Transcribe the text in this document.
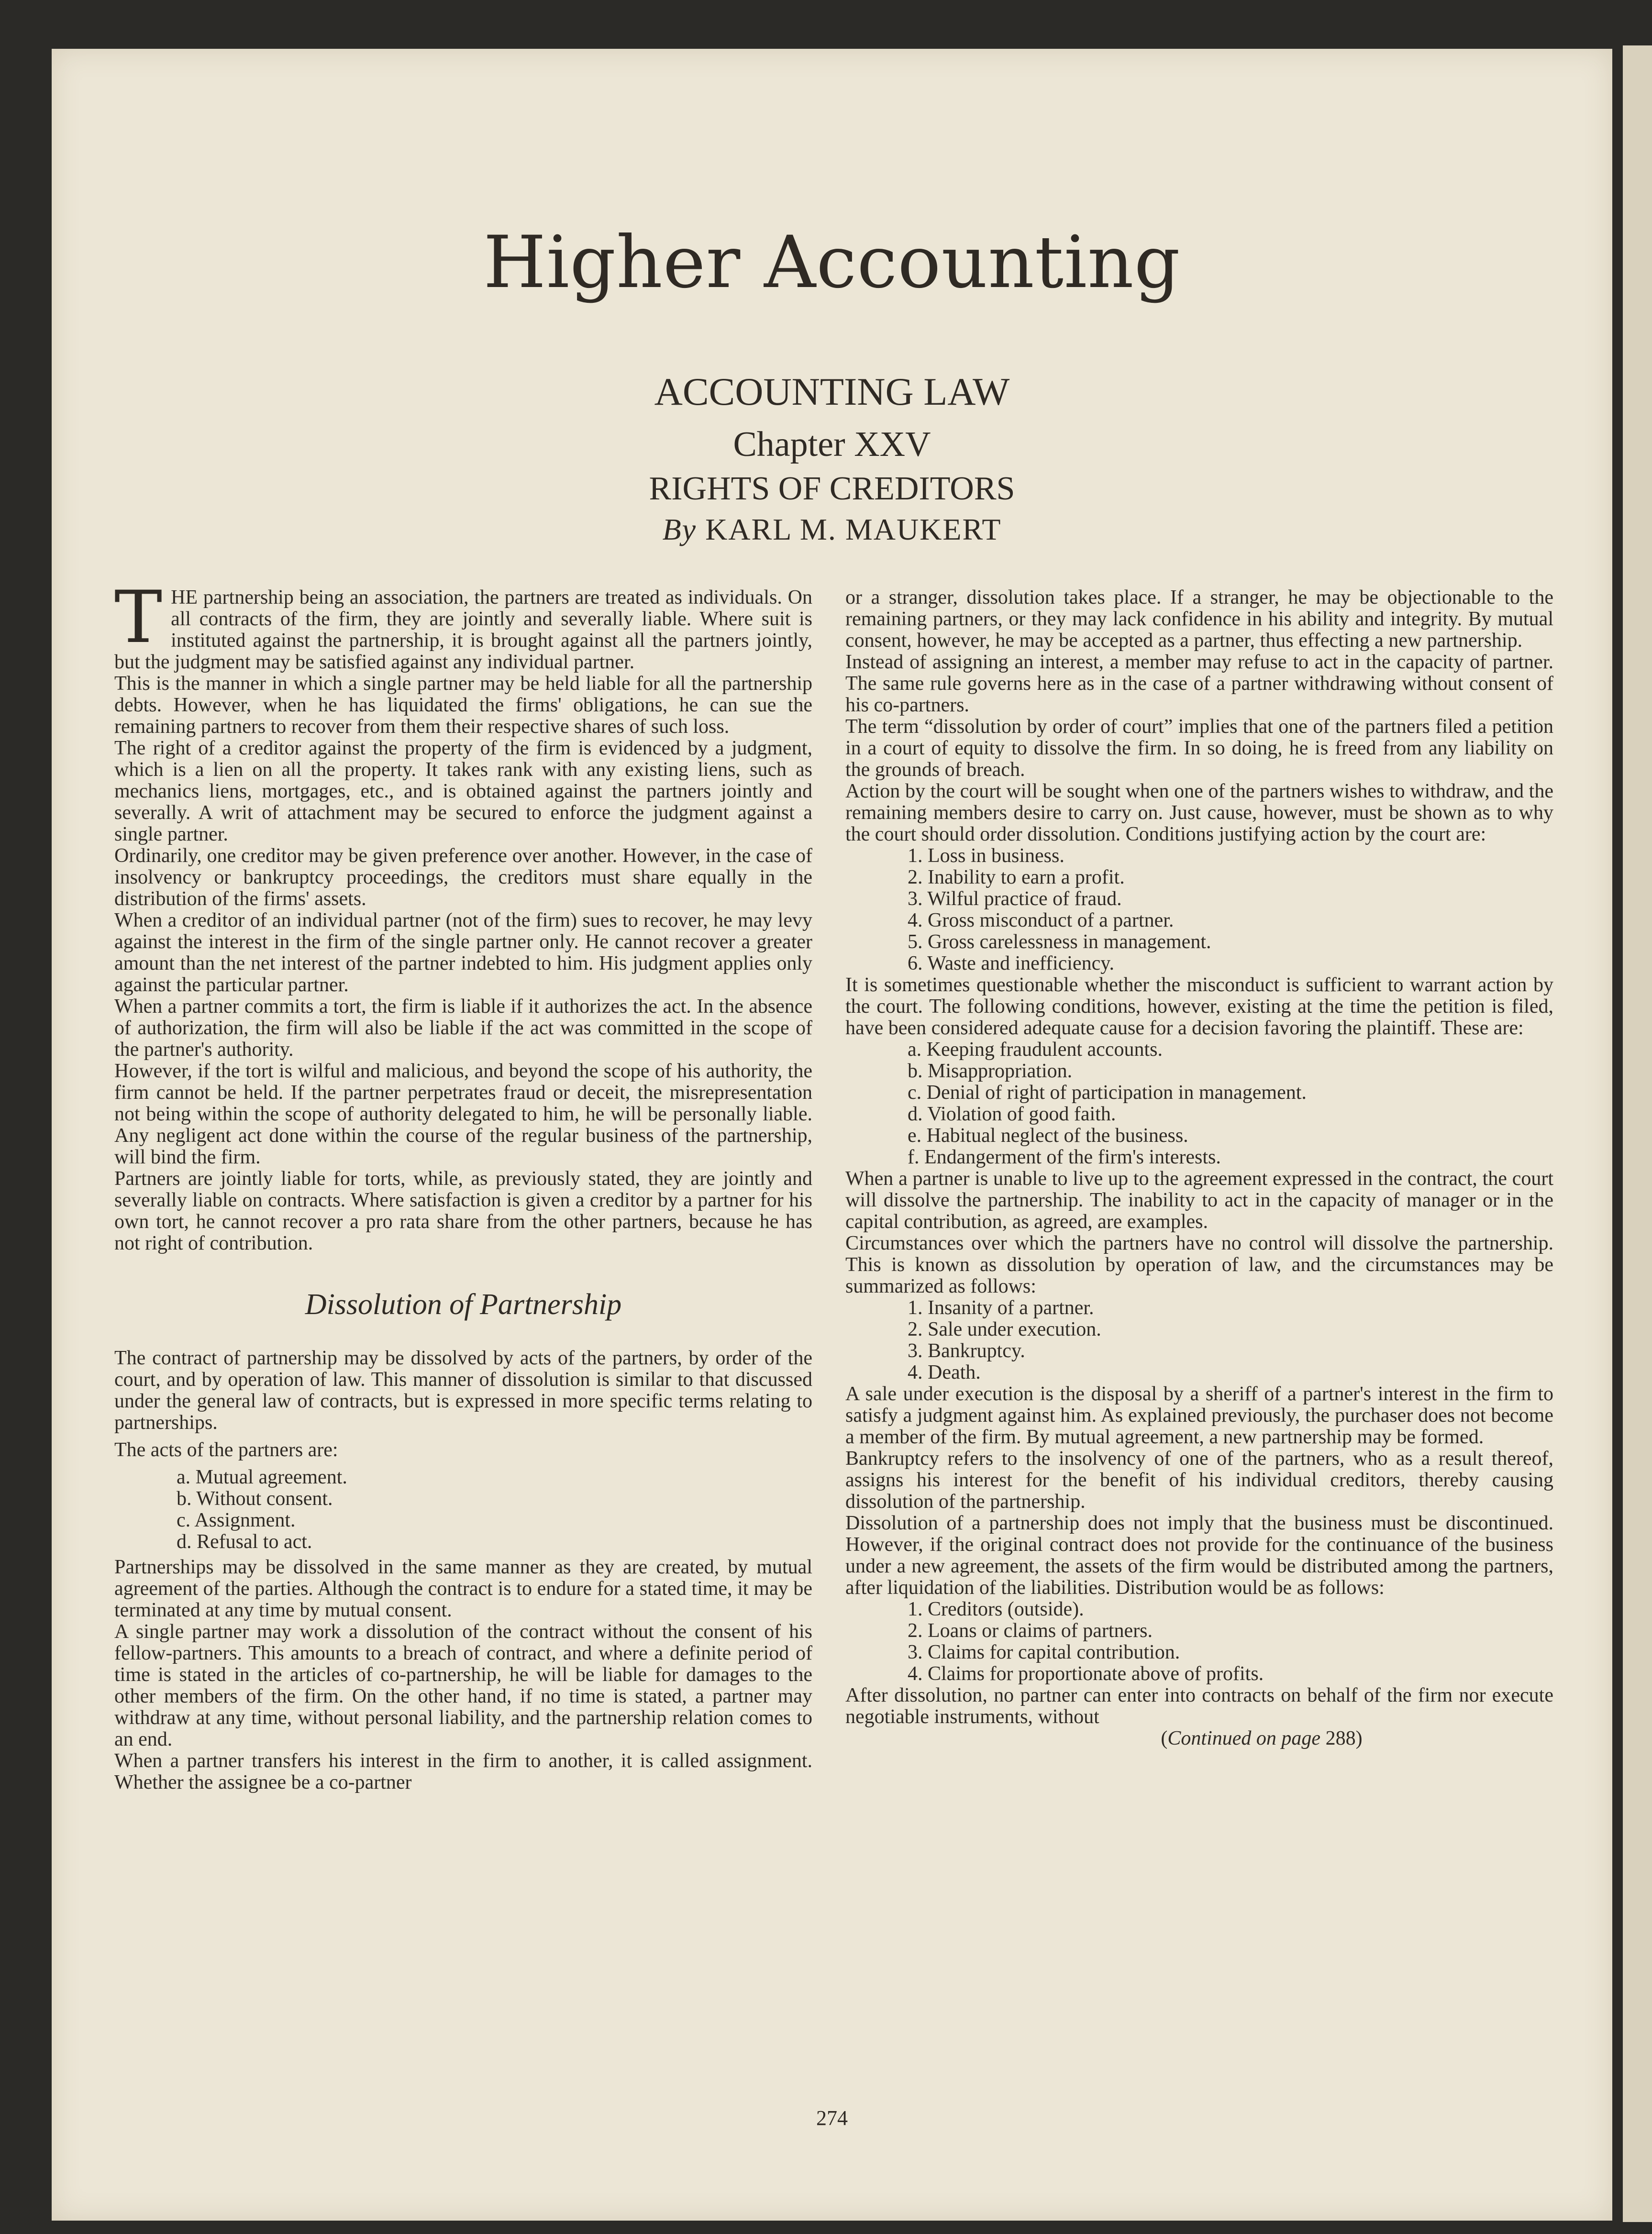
Higher Accounting
ACCOUNTING LAW
Chapter XXV
RIGHTS OF CREDITORS
By KARL M. MAUKERT

THE partnership being an association, the partners are treated as individuals. On all contracts of the firm, they are jointly and severally liable. Where suit is instituted against the partnership, it is brought against all the partners jointly, but the judgment may be satisfied against any individual partner.

This is the manner in which a single partner may be held liable for all the partnership debts. However, when he has liquidated the firms' obligations, he can sue the remaining partners to recover from them their respective shares of such loss.

The right of a creditor against the property of the firm is evidenced by a judgment, which is a lien on all the property. It takes rank with any existing liens, such as mechanics liens, mortgages, etc., and is obtained against the partners jointly and severally. A writ of attachment may be secured to enforce the judgment against a single partner.

Ordinarily, one creditor may be given preference over another. However, in the case of insolvency or bankruptcy proceedings, the creditors must share equally in the distribution of the firms' assets.

When a creditor of an individual partner (not of the firm) sues to recover, he may levy against the interest in the firm of the single partner only. He cannot recover a greater amount than the net interest of the partner indebted to him. His judgment applies only against the particular partner.

When a partner commits a tort, the firm is liable if it authorizes the act. In the absence of authorization, the firm will also be liable if the act was committed in the scope of the partner's authority.

However, if the tort is wilful and malicious, and beyond the scope of his authority, the firm cannot be held. If the partner perpetrates fraud or deceit, the misrepresentation not being within the scope of authority delegated to him, he will be personally liable. Any negligent act done within the course of the regular business of the partnership, will bind the firm.

Partners are jointly liable for torts, while, as previously stated, they are jointly and severally liable on contracts. Where satisfaction is given a creditor by a partner for his own tort, he cannot recover a pro rata share from the other partners, because he has not right of contribution.

Dissolution of Partnership

The contract of partnership may be dissolved by acts of the partners, by order of the court, and by operation of law. This manner of dissolution is similar to that discussed under the general law of contracts, but is expressed in more specific terms relating to partnerships.

The acts of the partners are:

a. Mutual agreement.
b. Without consent.
c. Assignment.
d. Refusal to act.

Partnerships may be dissolved in the same manner as they are created, by mutual agreement of the parties. Although the contract is to endure for a stated time, it may be terminated at any time by mutual consent.

A single partner may work a dissolution of the contract without the consent of his fellow-partners. This amounts to a breach of contract, and where a definite period of time is stated in the articles of co-partnership, he will be liable for damages to the other members of the firm. On the other hand, if no time is stated, a partner may withdraw at any time, without personal liability, and the partnership relation comes to an end.

When a partner transfers his interest in the firm to another, it is called assignment. Whether the assignee be a co-partner

or a stranger, dissolution takes place. If a stranger, he may be objectionable to the remaining partners, or they may lack confidence in his ability and integrity. By mutual consent, however, he may be accepted as a partner, thus effecting a new partnership.

Instead of assigning an interest, a member may refuse to act in the capacity of partner. The same rule governs here as in the case of a partner withdrawing without consent of his co-partners.

The term “dissolution by order of court” implies that one of the partners filed a petition in a court of equity to dissolve the firm. In so doing, he is freed from any liability on the grounds of breach.

Action by the court will be sought when one of the partners wishes to withdraw, and the remaining members desire to carry on. Just cause, however, must be shown as to why the court should order dissolution. Conditions justifying action by the court are:

1. Loss in business.
2. Inability to earn a profit.
3. Wilful practice of fraud.
4. Gross misconduct of a partner.
5. Gross carelessness in management.
6. Waste and inefficiency.

It is sometimes questionable whether the misconduct is sufficient to warrant action by the court. The following conditions, however, existing at the time the petition is filed, have been considered adequate cause for a decision favoring the plaintiff. These are:

a. Keeping fraudulent accounts.
b. Misappropriation.
c. Denial of right of participation in management.
d. Violation of good faith.
e. Habitual neglect of the business.
f. Endangerment of the firm's interests.

When a partner is unable to live up to the agreement expressed in the contract, the court will dissolve the partnership. The inability to act in the capacity of manager or in the capital contribution, as agreed, are examples.

Circumstances over which the partners have no control will dissolve the partnership. This is known as dissolution by operation of law, and the circumstances may be summarized as follows:

1. Insanity of a partner.
2. Sale under execution.
3. Bankruptcy.
4. Death.

A sale under execution is the disposal by a sheriff of a partner's interest in the firm to satisfy a judgment against him. As explained previously, the purchaser does not become a member of the firm. By mutual agreement, a new partnership may be formed.

Bankruptcy refers to the insolvency of one of the partners, who as a result thereof, assigns his interest for the benefit of his individual creditors, thereby causing dissolution of the partnership.

Dissolution of a partnership does not imply that the business must be discontinued. However, if the original contract does not provide for the continuance of the business under a new agreement, the assets of the firm would be distributed among the partners, after liquidation of the liabilities. Distribution would be as follows:

1. Creditors (outside).
2. Loans or claims of partners.
3. Claims for capital contribution.
4. Claims for proportionate above of profits.

After dissolution, no partner can enter into contracts on behalf of the firm nor execute negotiable instruments, without

(Continued on page 288)
274
